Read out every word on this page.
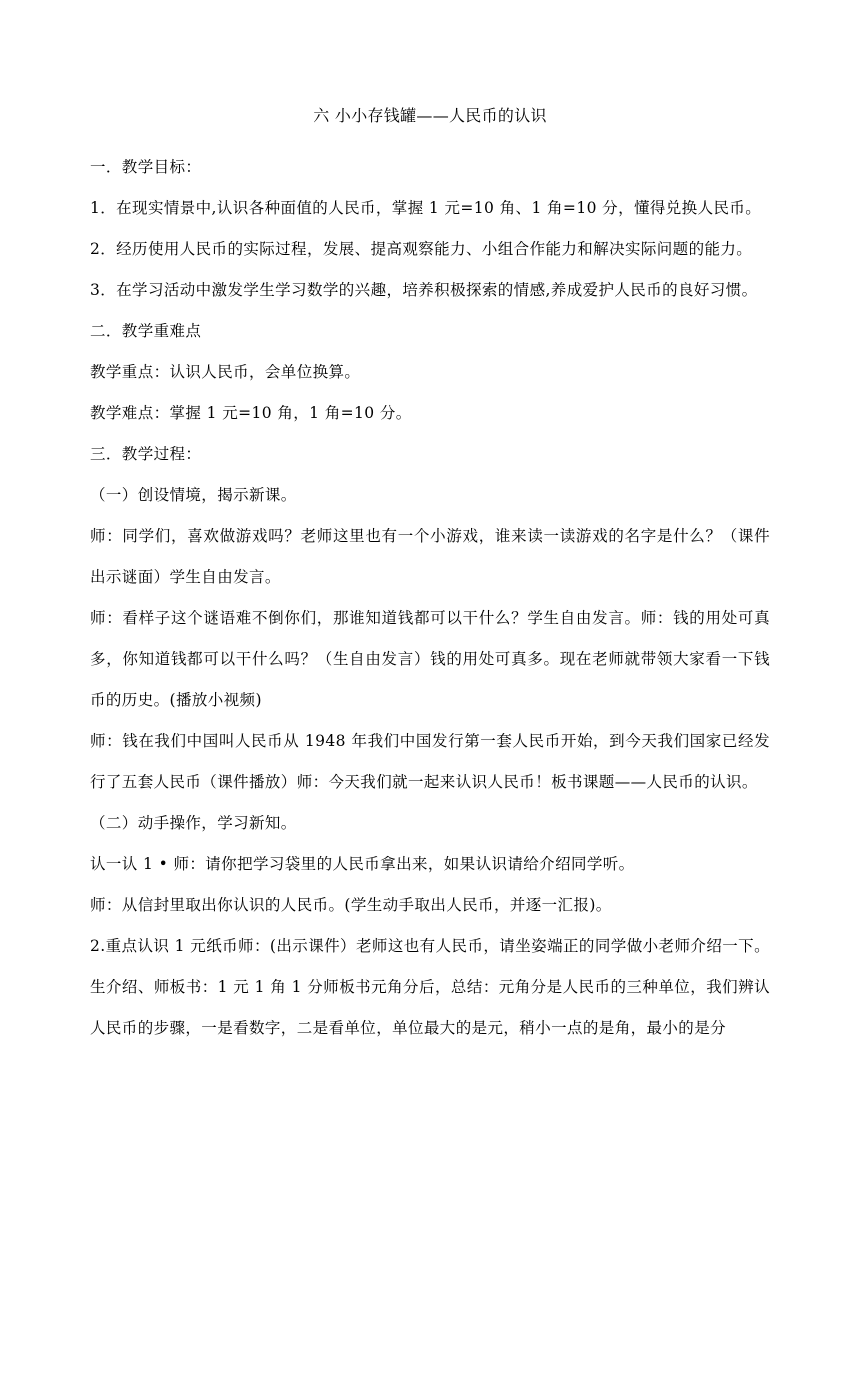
六 小小存钱罐——人民币的认识

一．教学目标：

1．在现实情景中,认识各种面值的人民币，掌握 1 元=10 角、1 角=10 分，懂得兑换人民币。

2．经历使用人民币的实际过程，发展、提高观察能力、小组合作能力和解决实际问题的能力。

3．在学习活动中激发学生学习数学的兴趣，培养积极探索的情感,养成爱护人民币的良好习惯。

二．教学重难点

教学重点：认识人民币，会单位换算。

教学难点：掌握 1 元=10 角，1 角=10 分。

三．教学过程：

（一）创设情境，揭示新课。

师：同学们，喜欢做游戏吗？老师这里也有一个小游戏，谁来读一读游戏的名字是什么？（课件出示谜面）学生自由发言。

师：看样子这个谜语难不倒你们，那谁知道钱都可以干什么？学生自由发言。师：钱的用处可真多，你知道钱都可以干什么吗？（生自由发言）钱的用处可真多。现在老师就带领大家看一下钱币的历史。(播放小视频)

师：钱在我们中国叫人民币从 1948 年我们中国发行第一套人民币开始，到今天我们国家已经发行了五套人民币（课件播放）师：今天我们就一起来认识人民币！板书课题——人民币的认识。

（二）动手操作，学习新知。

认一认 1 • 师：请你把学习袋里的人民币拿出来，如果认识请给介绍同学听。

师：从信封里取出你认识的人民币。(学生动手取出人民币，并逐一汇报)。

2.重点认识 1 元纸币师：(出示课件）老师这也有人民币，请坐姿端正的同学做小老师介绍一下。生介绍、师板书：1 元 1 角 1 分师板书元角分后，总结：元角分是人民币的三种单位，我们辨认人民币的步骤，一是看数字，二是看单位，单位最大的是元，稍小一点的是角，最小的是分
